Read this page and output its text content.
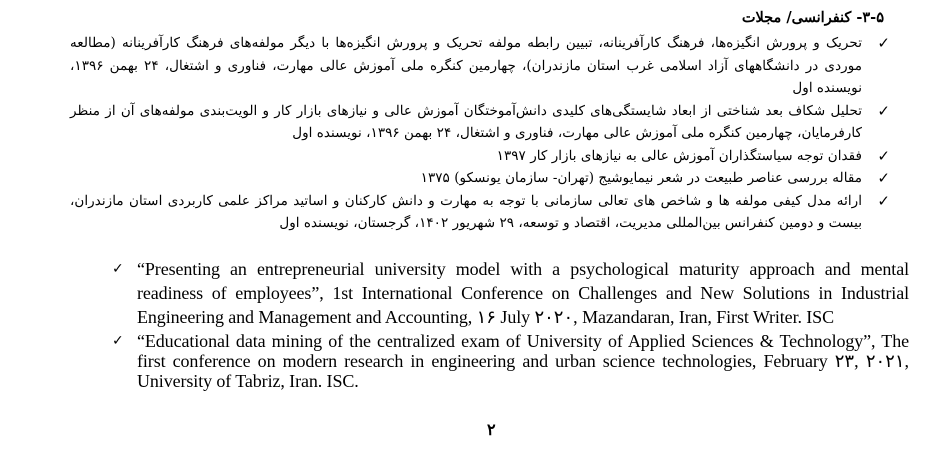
۳-۵- کنفرانسی/ مجلات
✓
تحریک و پرورش انگیزه‌ها، فرهنگ کارآفرینانه، تبیین رابطه مولفه تحریک و پرورش انگیزه‌ها با دیگر مولفه‌های فرهنگ کارآفرینانه (مطالعه موردی در دانشگاههای آزاد اسلامی غرب استان مازندران)، چهارمین کنگره ملی آموزش عالی مهارت، فناوری و اشتغال، ۲۴ بهمن ۱۳۹۶، نویسنده اول
✓
تحلیل شکاف بعد شناختی از ابعاد شایستگی‌های کلیدی دانش‌آموختگان آموزش عالی و نیازهای بازار کار و الویت‌بندی مولفه‌های آن از منظر کارفرمایان، چهارمین کنگره ملی آموزش عالی مهارت، فناوری و اشتغال، ۲۴ بهمن ۱۳۹۶، نویسنده اول
✓
فقدان توجه سیاستگذاران آموزش عالی به نیازهای بازار کار ۱۳۹۷
✓
مقاله بررسی عناصر طبیعت در شعر نیمایوشیج (تهران- سازمان یونسکو) ۱۳۷۵
✓
ارائه مدل کیفی مولفه ها و شاخص های تعالی سازمانی با توجه به مهارت و دانش کارکنان و اساتید مراکز علمی کاربردی استان مازندران، بیست و دومین کنفرانس بین‌المللی مدیریت، اقتصاد و توسعه، ۲۹ شهریور ۱۴۰۲، گرجستان، نویسنده اول
✓ “Presenting an entrepreneurial university model with a psychological maturity approach and mental readiness of employees”, 1st International Conference on Challenges and New Solutions in Industrial Engineering and Management and Accounting, ۱۶ July ۲۰۲۰, Mazandaran, Iran, First Writer. ISC
✓ “Educational data mining of the centralized exam of University of Applied Sciences & Technology”, The first conference on modern research in engineering and urban science technologies, February ۲۳, ۲۰۲۱, University of Tabriz, Iran. ISC.
۲
